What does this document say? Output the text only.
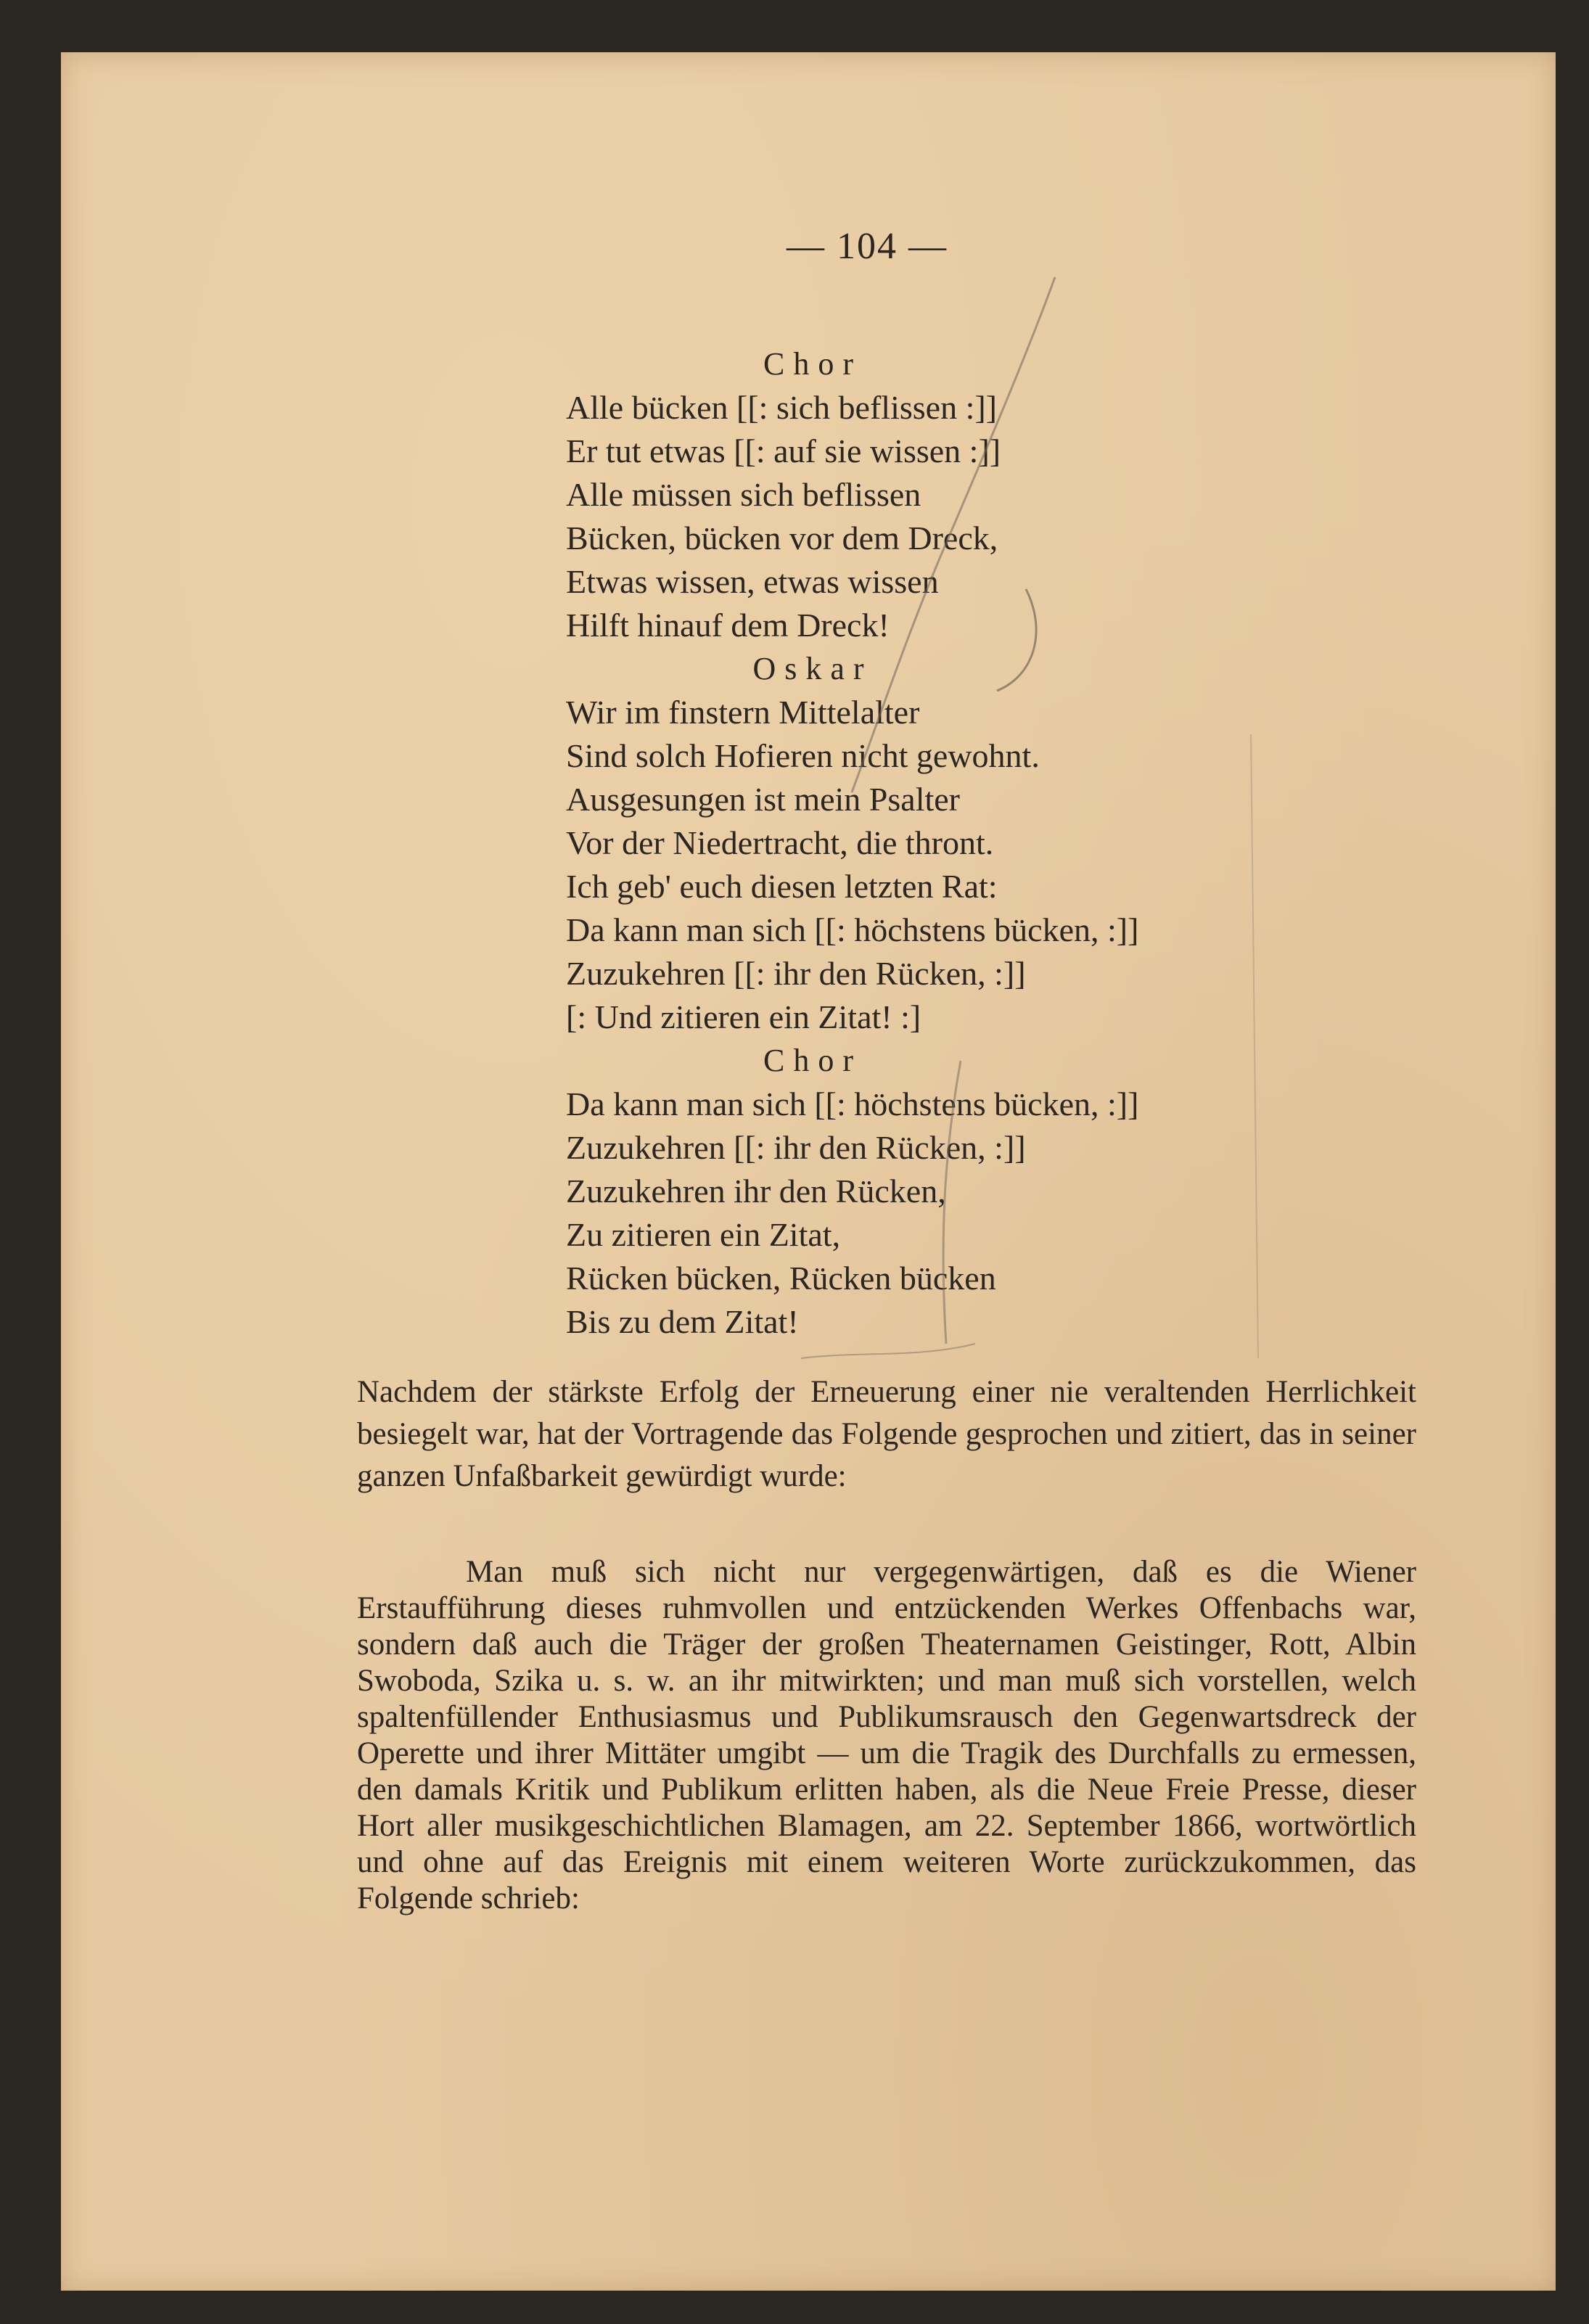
— 104 —
Chor
Alle bücken [[: sich beflissen :]]
Er tut etwas [[: auf sie wissen :]]
Alle müssen sich beflissen
Bücken, bücken vor dem Dreck,
Etwas wissen, etwas wissen
Hilft hinauf dem Dreck!
Oskar
Wir im finstern Mittelalter
Sind solch Hofieren nicht gewohnt.
Ausgesungen ist mein Psalter
Vor der Niedertracht, die thront.
Ich geb' euch diesen letzten Rat:
Da kann man sich [[: höchstens bücken, :]]
Zuzukehren [[: ihr den Rücken, :]]
[: Und zitieren ein Zitat! :]
Chor
Da kann man sich [[: höchstens bücken, :]]
Zuzukehren [[: ihr den Rücken, :]]
Zuzukehren ihr den Rücken,
Zu zitieren ein Zitat,
Rücken bücken, Rücken bücken
Bis zu dem Zitat!
Nachdem der stärkste Erfolg der Erneuerung einer nie veraltenden Herrlichkeit besiegelt war, hat der Vortragende das Folgende gesprochen und zitiert, das in seiner ganzen Unfaßbarkeit gewürdigt wurde:
Man muß sich nicht nur vergegenwärtigen, daß es die Wiener Erstaufführung dieses ruhmvollen und entzückenden Werkes Offenbachs war, sondern daß auch die Träger der großen Theaternamen Geistinger, Rott, Albin Swoboda, Szika u. s. w. an ihr mitwirkten; und man muß sich vorstellen, welch spaltenfüllender Enthusiasmus und Publikumsrausch den Gegenwartsdreck der Operette und ihrer Mittäter umgibt — um die Tragik des Durchfalls zu ermessen, den damals Kritik und Publikum erlitten haben, als die Neue Freie Presse, dieser Hort aller musikgeschichtlichen Blamagen, am 22. September 1866, wortwörtlich und ohne auf das Ereignis mit einem weiteren Worte zurückzukommen, das Folgende schrieb:
